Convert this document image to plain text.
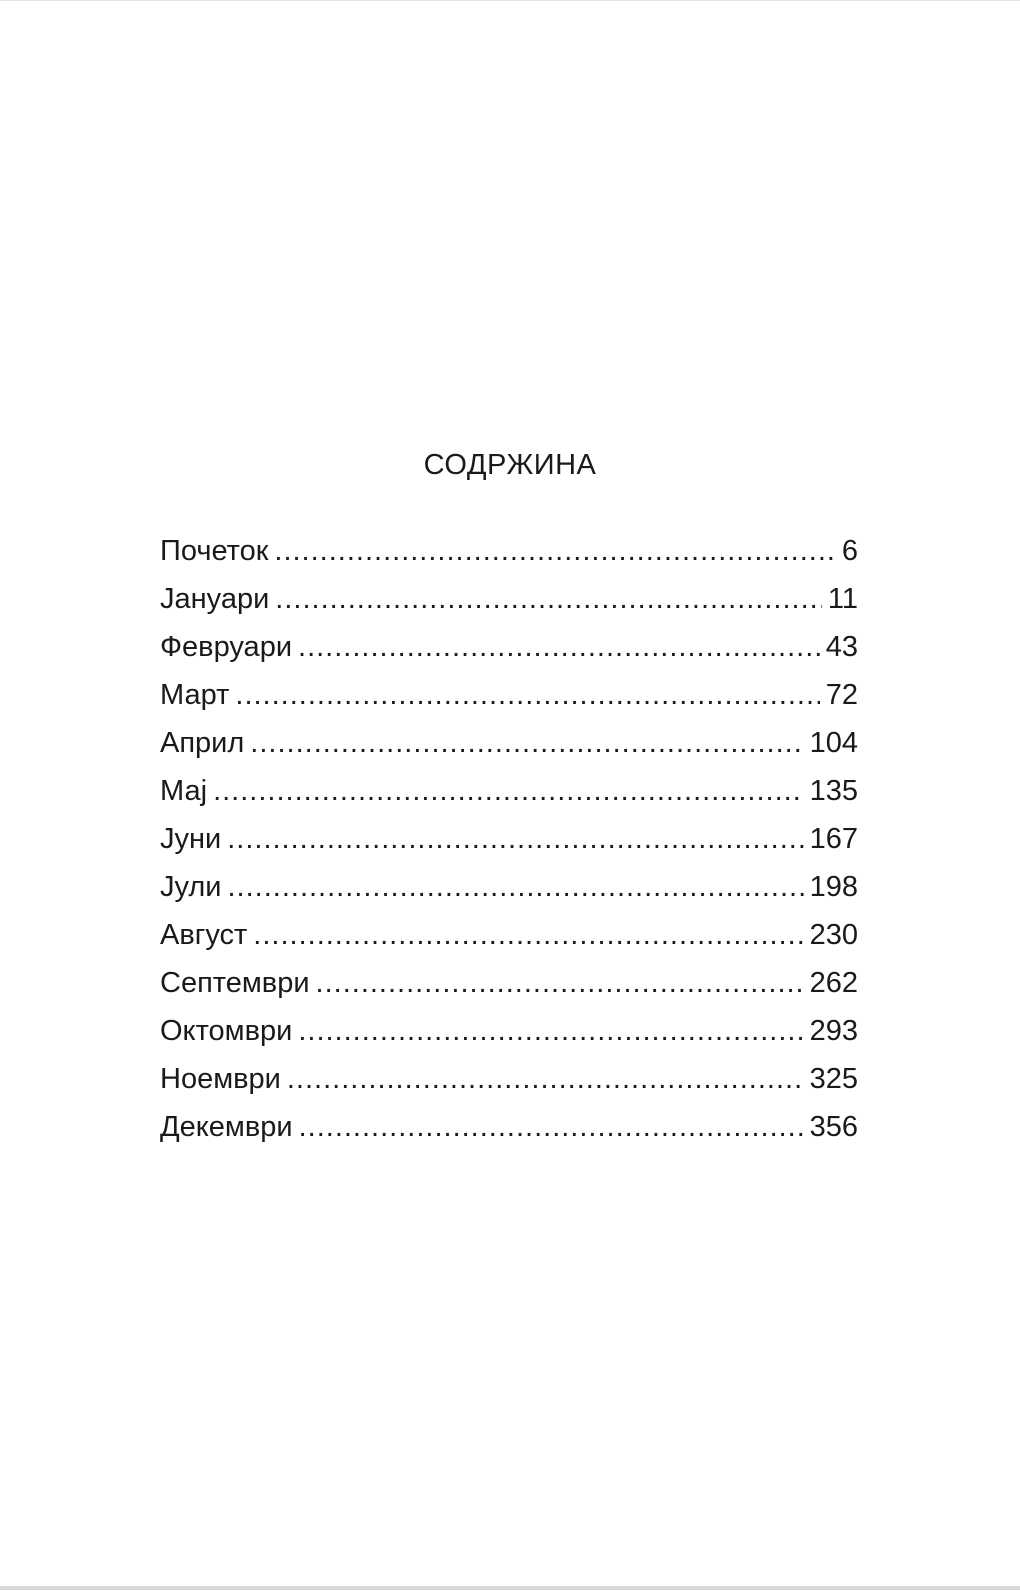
СОДРЖИНА
Почеток .....	6
Јануари .....	11
Февруари .....	43
Март .....	72
Април .....	104
Мај .....	135
Јуни .....	167
Јули .....	198
Август .....	230
Септември .....	262
Октомври .....	293
Ноември .....	325
Декември .....	356
